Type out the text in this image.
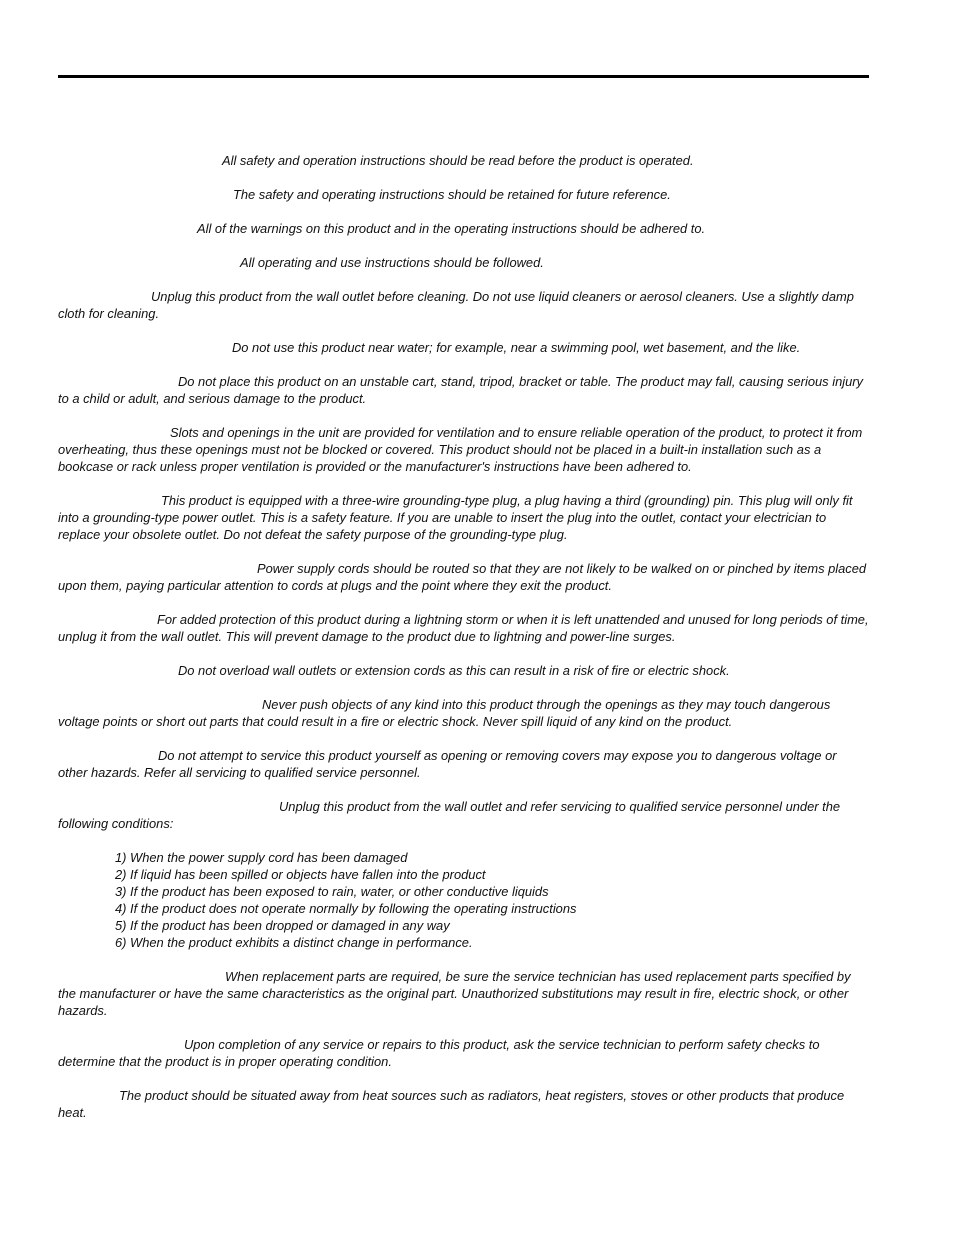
All safety and operation instructions should be read before the product is operated.

The safety and operating instructions should be retained for future reference.

All of the warnings on this product and in the operating instructions should be adhered to.

All operating and use instructions should be followed.

Unplug this product from the wall outlet before cleaning. Do not use liquid cleaners or aerosol cleaners. Use a slightly damp cloth for cleaning.

Do not use this product near water; for example, near a swimming pool, wet basement, and the like.

Do not place this product on an unstable cart, stand, tripod, bracket or table. The product may fall, causing serious injury to a child or adult, and serious damage to the product.

Slots and openings in the unit are provided for ventilation and to ensure reliable operation of the product, to protect it from overheating, thus these openings must not be blocked or covered. This product should not be placed in a built-in installation such as a bookcase or rack unless proper ventilation is provided or the manufacturer's instructions have been adhered to.

This product is equipped with a three-wire grounding-type plug, a plug having a third (grounding) pin. This plug will only fit into a grounding-type power outlet. This is a safety feature. If you are unable to insert the plug into the outlet, contact your electrician to replace your obsolete outlet. Do not defeat the safety purpose of the grounding-type plug.

Power supply cords should be routed so that they are not likely to be walked on or pinched by items placed upon them, paying particular attention to cords at plugs and the point where they exit the product.

For added protection of this product during a lightning storm or when it is left unattended and unused for long periods of time, unplug it from the wall outlet. This will prevent damage to the product due to lightning and power-line surges.

Do not overload wall outlets or extension cords as this can result in a risk of fire or electric shock.

Never push objects of any kind into this product through the openings as they may touch dangerous voltage points or short out parts that could result in a fire or electric shock. Never spill liquid of any kind on the product.

Do not attempt to service this product yourself as opening or removing covers may expose you to dangerous voltage or other hazards. Refer all servicing to qualified service personnel.

Unplug this product from the wall outlet and refer servicing to qualified service personnel under the following conditions:

1) When the power supply cord has been damaged
2) If liquid has been spilled or objects have fallen into the product
3) If the product has been exposed to rain, water, or other conductive liquids
4) If the product does not operate normally by following the operating instructions
5) If the product has been dropped or damaged in any way
6) When the product exhibits a distinct change in performance.

When replacement parts are required, be sure the service technician has used replacement parts specified by the manufacturer or have the same characteristics as the original part. Unauthorized substitutions may result in fire, electric shock, or other hazards.

Upon completion of any service or repairs to this product, ask the service technician to perform safety checks to determine that the product is in proper operating condition.

The product should be situated away from heat sources such as radiators, heat registers, stoves or other products that produce heat.
